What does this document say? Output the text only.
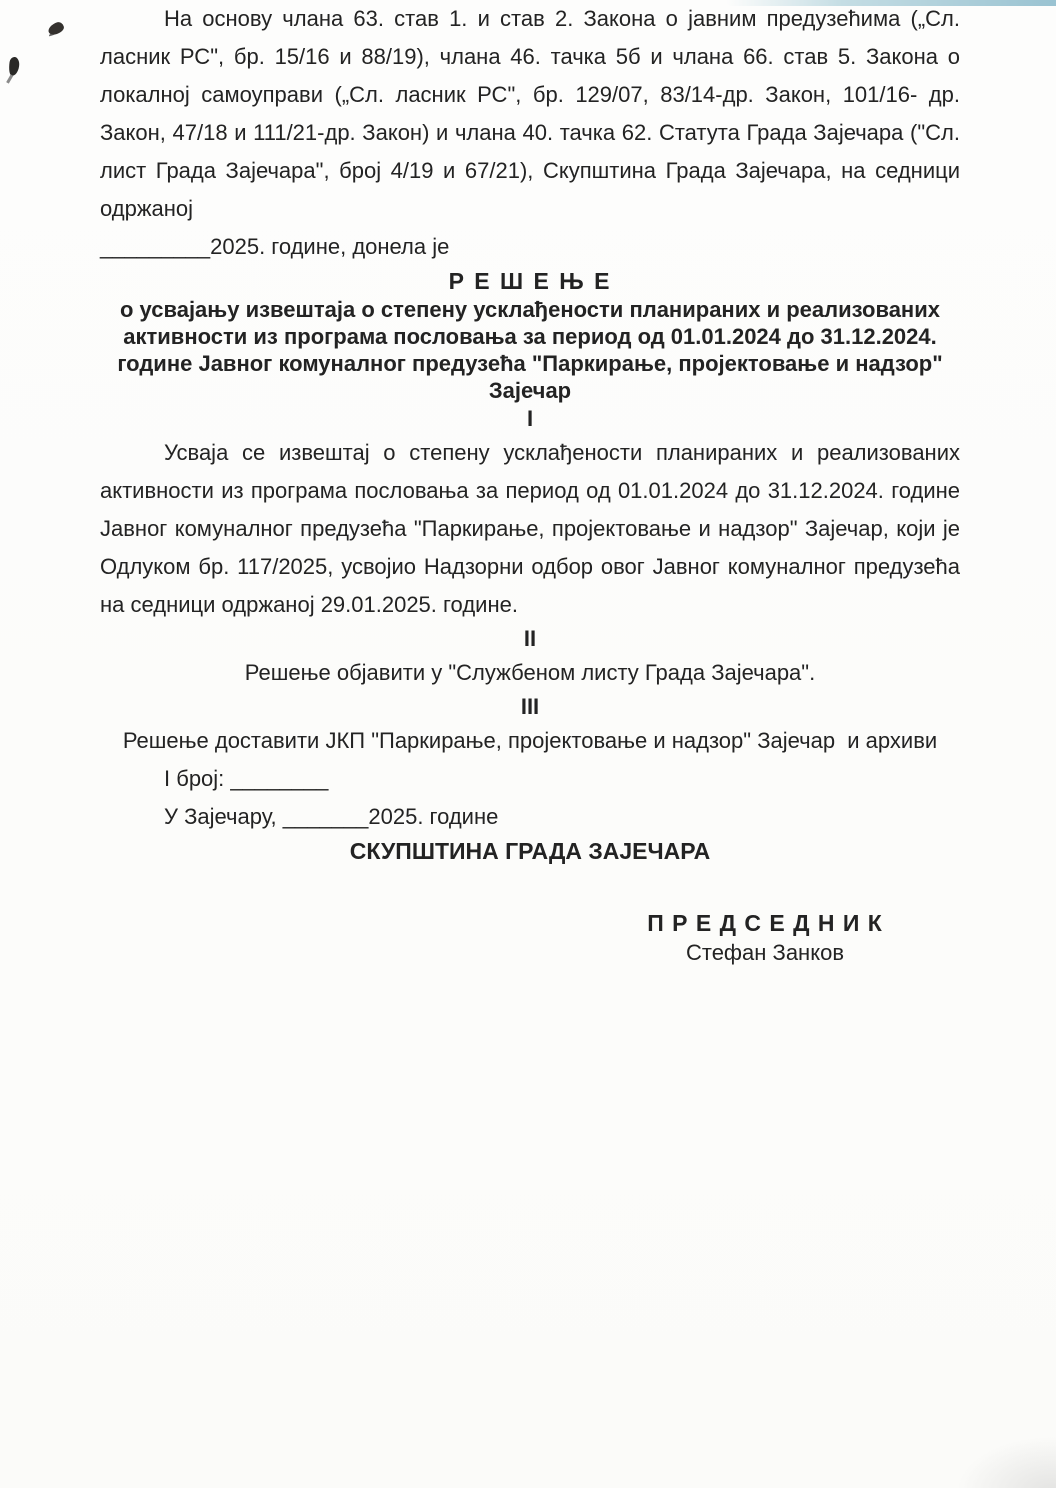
На основу члана 63. став 1. и став 2. Закона о јавним предузећима („Сл. ласник РС", бр. 15/16 и 88/19), члана 46. тачка 5б и члана 66. став 5. Закона о локалној самоуправи („Сл. ласник РС", бр. 129/07, 83/14-др. Закон, 101/16- др. Закон, 47/18 и 111/21-др. Закон) и члана 40. тачка 62. Статута Града Зајечара ("Сл. лист Града Зајечара", број 4/19 и 67/21), Скупштина Града Зајечара, на седници одржаној

_________2025. године, донела је

Р Е Ш Е Њ Е

о усвајању извештаја о степену усклађености планираних и реализованих активности из програма пословања за период од 01.01.2024 до 31.12.2024. године Јавног комуналног предузећа "Паркирање, пројектовање и надзор" Зајечар

I

Усваја се извештај о степену усклађености планираних и реализованих активности из програма пословања за период од 01.01.2024 до 31.12.2024. године Јавног комуналног предузећа "Паркирање, пројектовање и надзор" Зајечар, који је Одлуком бр. 117/2025, усвојио Надзорни одбор овог Јавног комуналног предузећа на седници одржаној 29.01.2025. године.

II

Решење објавити у "Службеном листу Града Зајечара".

III

Решење доставити ЈКП "Паркирање, пројектовање и надзор" Зајечар  и архиви

I број: ________
У Зајечару, _______2025. године
СКУПШТИНА ГРАДА ЗАЈЕЧАРА
П Р Е Д С Е Д Н И К
Стефан Занков
